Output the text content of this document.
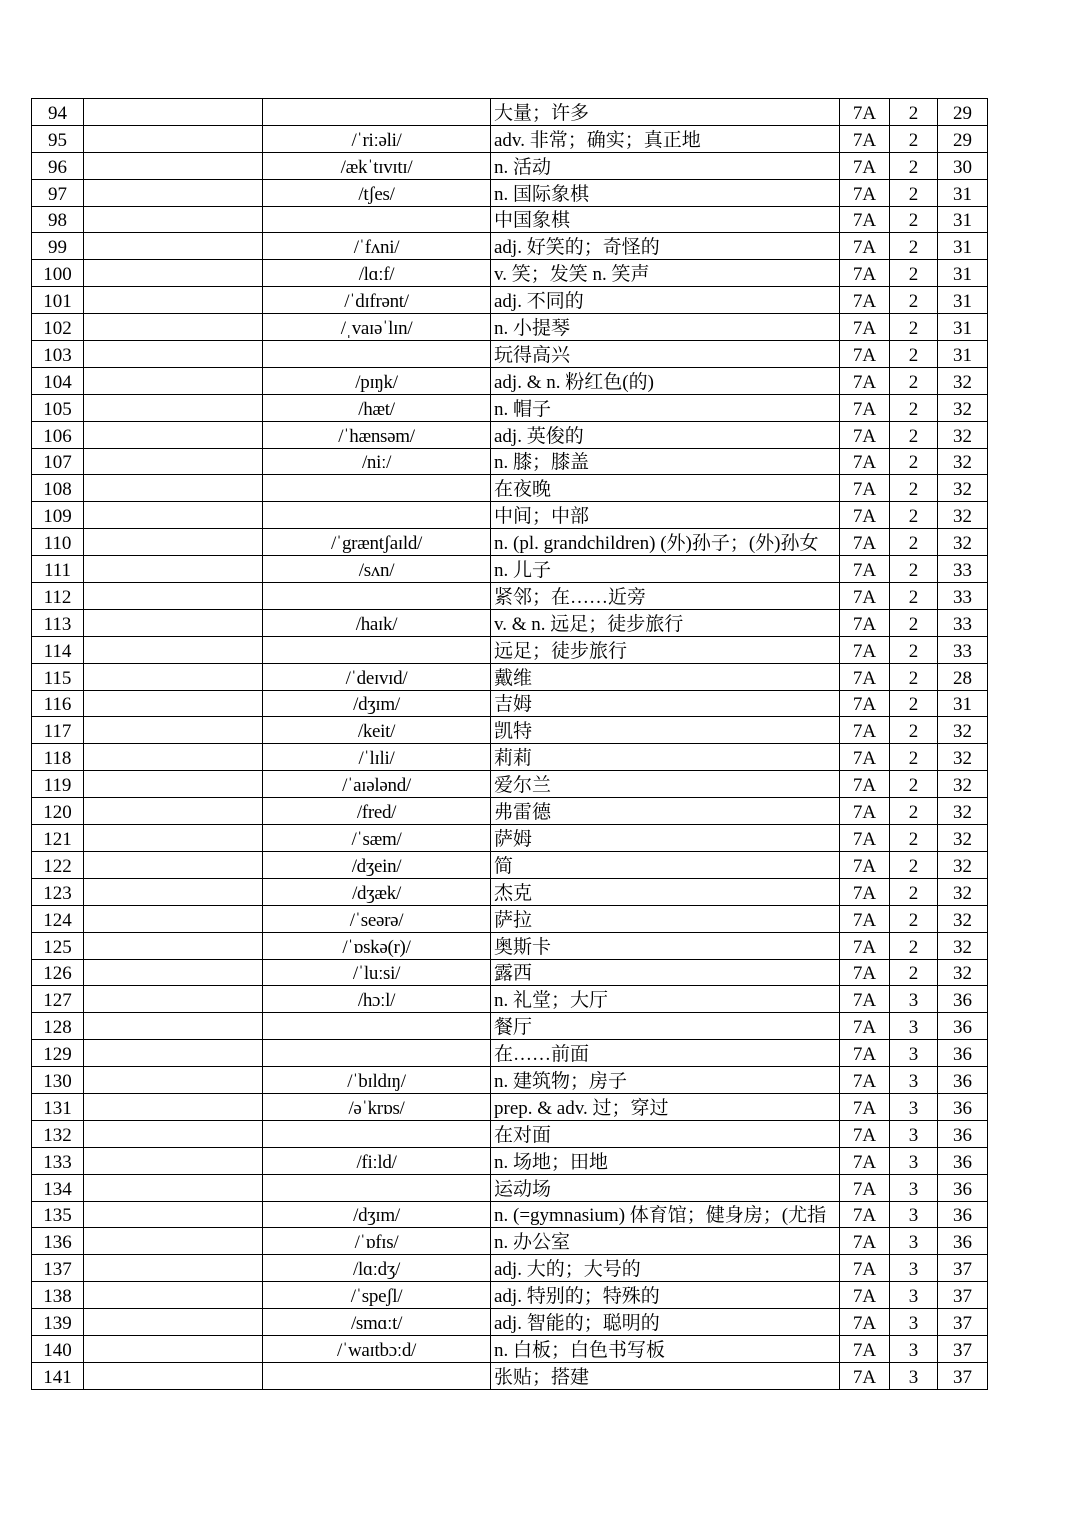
94			大量；许多	7A	2	29
95		/ˈriːəli/	adv. 非常；确实；真正地	7A	2	29
96		/ækˈtɪvɪtɪ/	n. 活动	7A	2	30
97		/tʃes/	n. 国际象棋	7A	2	31
98			中国象棋	7A	2	31
99		/ˈfʌni/	adj. 好笑的；奇怪的	7A	2	31
100		/lɑːf/	v. 笑；发笑 n. 笑声	7A	2	31
101		/ˈdɪfrənt/	adj. 不同的	7A	2	31
102		/ˌvaɪəˈlɪn/	n. 小提琴	7A	2	31
103			玩得高兴	7A	2	31
104		/pɪŋk/	adj. & n. 粉红色(的)	7A	2	32
105		/hæt/	n. 帽子	7A	2	32
106		/ˈhænsəm/	adj. 英俊的	7A	2	32
107		/niː/	n. 膝；膝盖	7A	2	32
108			在夜晚	7A	2	32
109			中间；中部	7A	2	32
110		/ˈgræntʃaɪld/	n. (pl. grandchildren) (外)孙子；(外)孙女	7A	2	32
111		/sʌn/	n. 儿子	7A	2	33
112			紧邻；在……近旁	7A	2	33
113		/haɪk/	v. & n. 远足；徒步旅行	7A	2	33
114			远足；徒步旅行	7A	2	33
115		/ˈdeɪvɪd/	戴维	7A	2	28
116		/dʒɪm/	吉姆	7A	2	31
117		/keit/	凯特	7A	2	32
118		/ˈlɪli/	莉莉	7A	2	32
119		/ˈaɪələnd/	爱尔兰	7A	2	32
120		/fred/	弗雷德	7A	2	32
121		/ˈsæm/	萨姆	7A	2	32
122		/dʒein/	简	7A	2	32
123		/dʒæk/	杰克	7A	2	32
124		/ˈseərə/	萨拉	7A	2	32
125		/ˈɒskə(r)/	奥斯卡	7A	2	32
126		/ˈluːsi/	露西	7A	2	32
127		/hɔːl/	n. 礼堂；大厅	7A	3	36
128			餐厅	7A	3	36
129			在……前面	7A	3	36
130		/ˈbɪldɪŋ/	n. 建筑物；房子	7A	3	36
131		/əˈkrɒs/	prep. & adv. 过；穿过	7A	3	36
132			在对面	7A	3	36
133		/fiːld/	n. 场地；田地	7A	3	36
134			运动场	7A	3	36
135		/dʒɪm/	n. (=gymnasium) 体育馆；健身房；(尤指	7A	3	36
136		/ˈɒfɪs/	n. 办公室	7A	3	36
137		/lɑːdʒ/	adj. 大的；大号的	7A	3	37
138		/ˈspeʃl/	adj. 特别的；特殊的	7A	3	37
139		/smɑːt/	adj. 智能的；聪明的	7A	3	37
140		/ˈwaɪtbɔːd/	n. 白板；白色书写板	7A	3	37
141			张贴；搭建	7A	3	37
